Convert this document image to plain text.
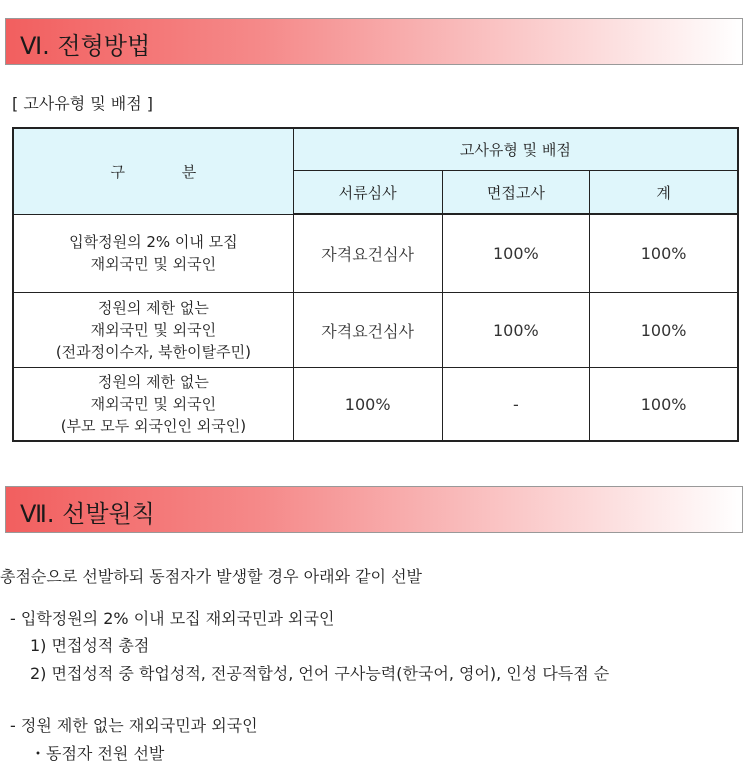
Ⅵ. 전형방법
[ 고사유형 및 배점 ]
구 분	고사유형 및 배점		
	서류심사	면접고사	계

입학정원의 2% 이내 모집
재외국민 및 외국인	자격요건심사	100%	100%

정원의 제한 없는
재외국민 및 외국인
(전과정이수자, 북한이탈주민)	자격요건심사	100%	100%

정원의 제한 없는
재외국민 및 외국인
(부모 모두 외국인인 외국인)	100%	-	100%
Ⅶ. 선발원칙
총점순으로 선발하되 동점자가 발생할 경우 아래와 같이 선발
- 입학정원의 2% 이내 모집 재외국민과 외국인
1) 면접성적 총점
2) 면접성적 중 학업성적, 전공적합성, 언어 구사능력(한국어, 영어), 인성 다득점 순
- 정원 제한 없는 재외국민과 외국인
・동점자 전원 선발
